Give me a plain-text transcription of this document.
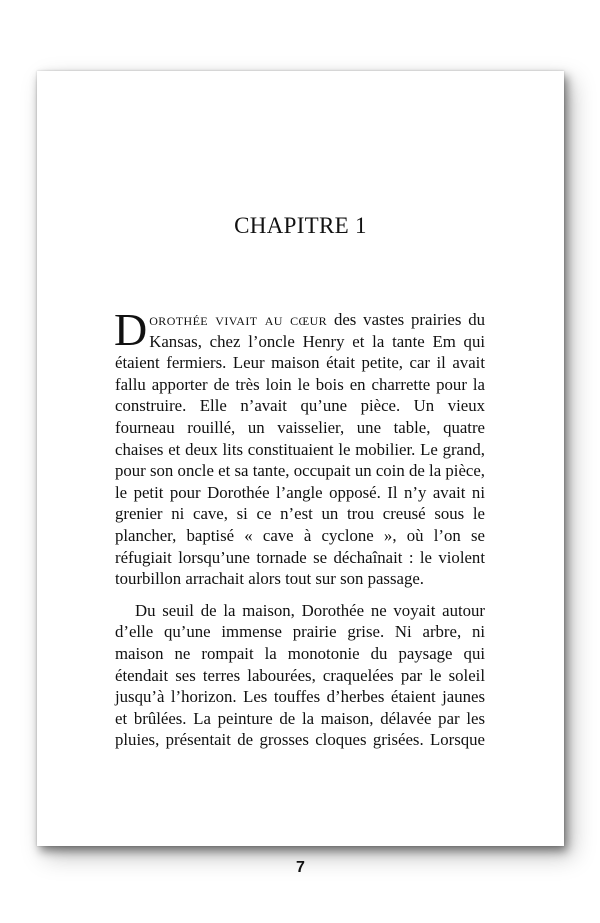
CHAPITRE 1

Dorothée vivait au cœur des vastes prairies du Kansas, chez l’oncle Henry et la tante Em qui étaient fermiers. Leur maison était petite, car il avait fallu apporter de très loin le bois en charrette pour la construire. Elle n’avait qu’une pièce. Un vieux fourneau rouillé, un vaisselier, une table, quatre chaises et deux lits constituaient le mobilier. Le grand, pour son oncle et sa tante, occupait un coin de la pièce, le petit pour Dorothée l’angle opposé. Il n’y avait ni grenier ni cave, si ce n’est un trou creusé sous le plancher, baptisé « cave à cyclone », où l’on se réfugiait lorsqu’une tornade se déchaînait : le violent tourbillon arrachait alors tout sur son passage.

Du seuil de la maison, Dorothée ne voyait autour d’elle qu’une immense prairie grise. Ni arbre, ni maison ne rompait la monotonie du paysage qui étendait ses terres labourées, craquelées par le soleil jusqu’à l’horizon. Les touffes d’herbes étaient jaunes et brûlées. La peinture de la maison, délavée par les pluies, présentait de grosses cloques grisées. Lorsque

7
